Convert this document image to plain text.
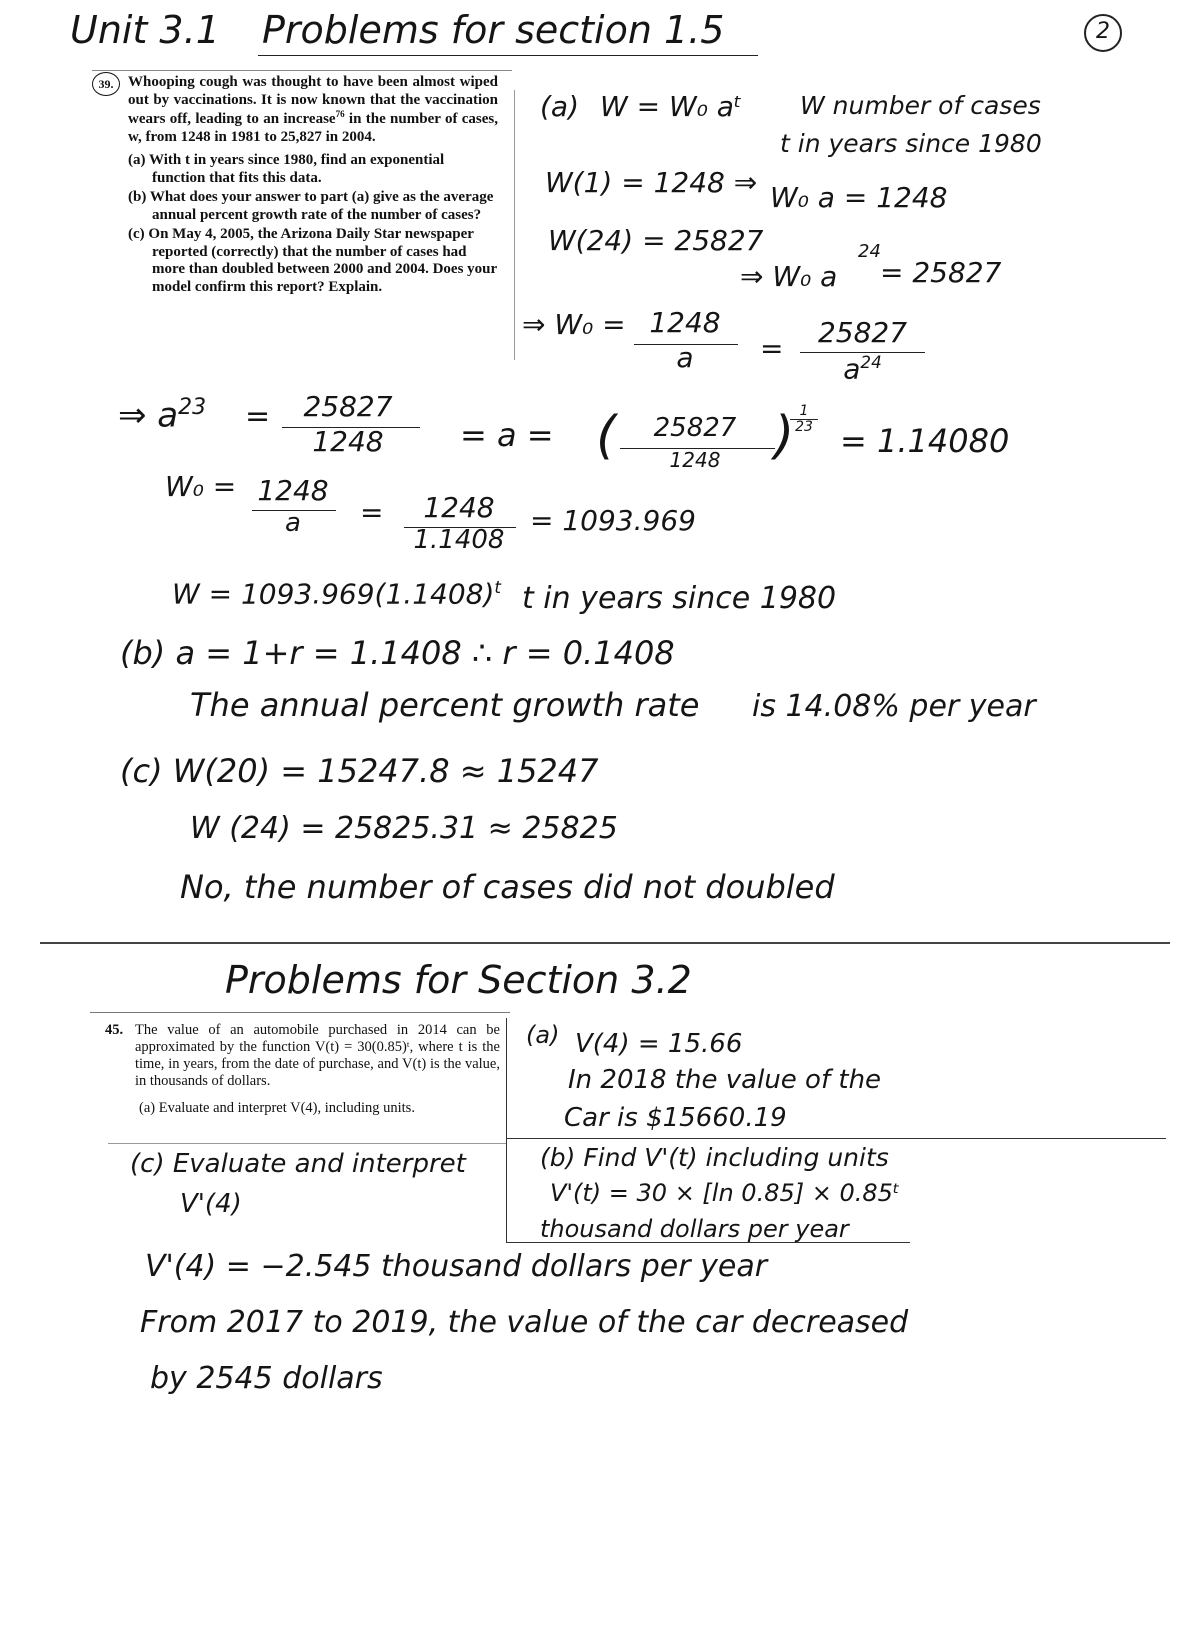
Unit 3.1 Problems for section 1.5	2
39. Whooping cough was thought to have been almost wiped out by vaccinations. It is now known that the vaccination wears off, leading to an increase$^{76}$ in the number of cases, w, from 1248 in 1981 to 25,827 in 2004.

(a) With t in years since 1980, find an exponential function that fits this data.

(b) What does your answer to part (a) give as the average annual percent growth rate of the number of cases?

(c) On May 4, 2005, the Arizona Daily Star newspaper reported (correctly) that the number of cases had more than doubled between 2000 and 2004. Does your model confirm this report? Explain.

(a) W = W₀ aᵗ W number of cases
t in years since 1980
W(1) = 1248 ⇒ W₀ a = 1248
W(24) = 25827
⇒ W₀ a
24
= 25827
⇒ W₀ = 1248
a	=	25827
$a^{24}$
⇒ $a^{23}$ =	25827
1248	= a = (	25827
1248	)
$\frac{1}{23}$
= 1.14080
W₀ = 1248
a	=	1248
1.1408
= 1093.969
$W = 1093.969(1.1408)^t$ t in years since 1980
(b) a = 1+r = 1.1408 ∴ r = 0.1408
The annual percent growth rate is 14.08% per year
(c) W(20) = 15247.8 ≈ 15247
W (24) = 25825.31 ≈ 25825
No, the number of cases did not doubled
Problems for Section 3.2

45. The value of an automobile purchased in 2014 can be approximated by the function V(t) = 30(0.85)ᵗ, where t is the time, in years, from the date of purchase, and V(t) is the value, in thousands of dollars.

(a) Evaluate and interpret V(4), including units.

(a) V(4) = 15.66
In 2018 the value of the
Car is $15660.19
(b) Find V'(t) including units
V'(t) = 30 × [ln 0.85] × 0.85ᵗ
thousand dollars per year
(c) Evaluate and interpret
V'(4)
V'(4) = −2.545 thousand dollars per year
From 2017 to 2019, the value of the car decreased
by 2545 dollars
